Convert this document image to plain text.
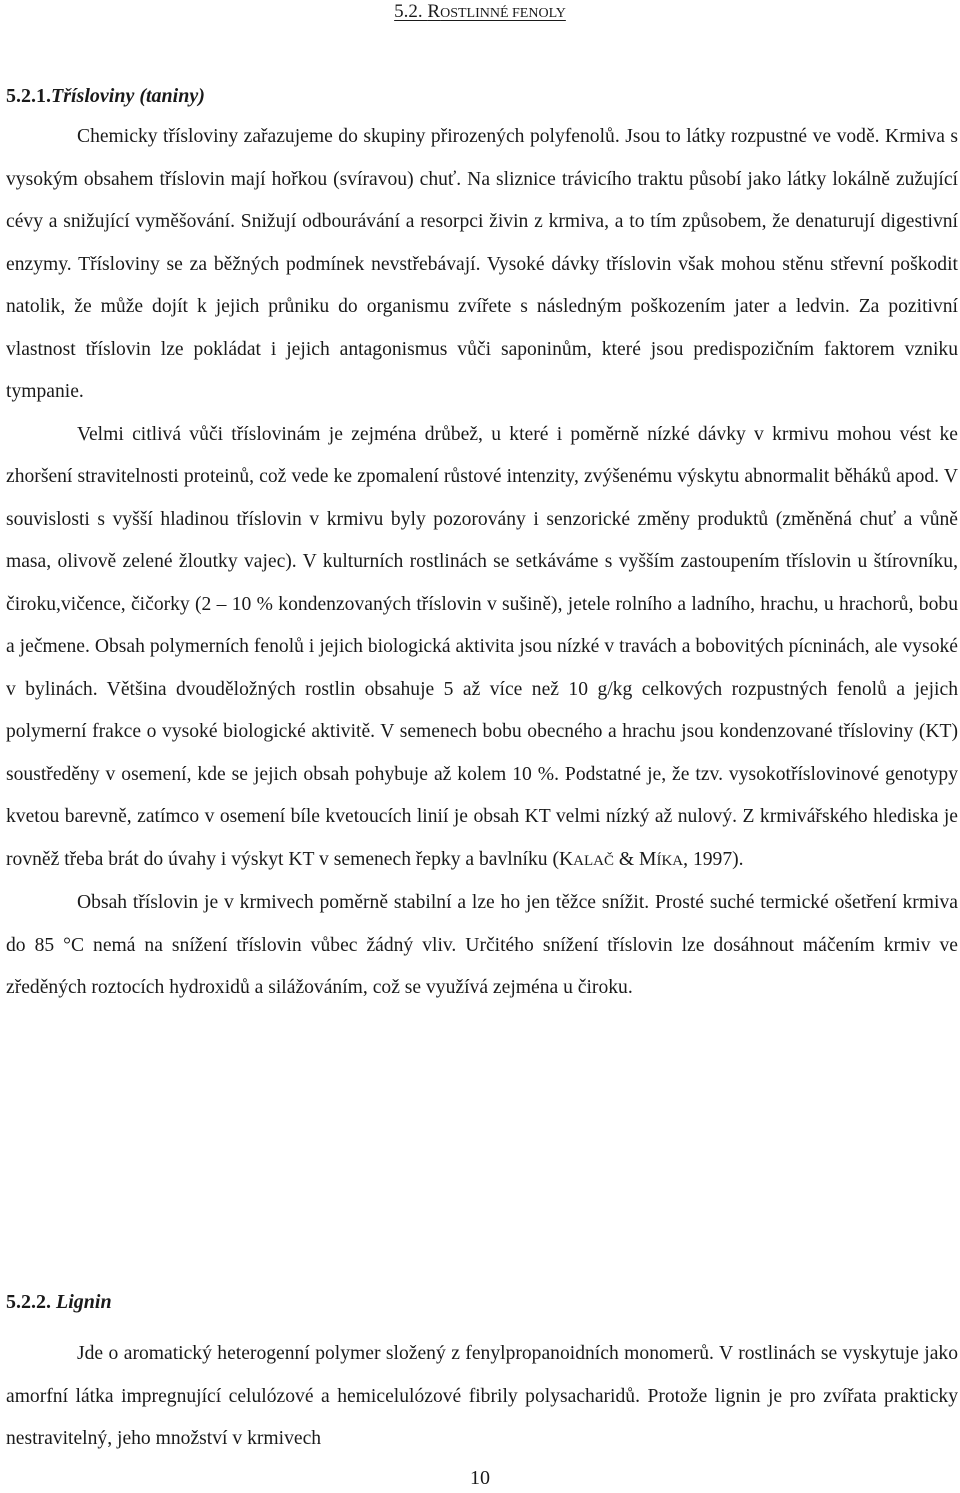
5.2. ROSTLINNÉ FENOLY
5.2.1.Třísloviny (taniny)

Chemicky třísloviny zařazujeme do skupiny přirozených polyfenolů. Jsou to látky rozpustné ve vodě. Krmiva s vysokým obsahem tříslovin mají hořkou (svíravou) chuť. Na sliznice trávicího traktu působí jako látky lokálně zužující cévy a snižující vyměšování. Snižují odbourávání a resorpci živin z krmiva, a to tím způsobem, že denaturují digestivní enzymy. Třísloviny se za běžných podmínek nevstřebávají. Vysoké dávky tříslovin však mohou stěnu střevní poškodit natolik, že může dojít k jejich průniku do organismu zvířete s následným poškozením jater a ledvin. Za pozitivní vlastnost tříslovin lze pokládat i jejich antagonismus vůči saponinům, které jsou predispozičním faktorem vzniku tympanie.

Velmi citlivá vůči tříslovinám je zejména drůbež, u které i poměrně nízké dávky v krmivu mohou vést ke zhoršení stravitelnosti proteinů, což vede ke zpomalení růstové intenzity, zvýšenému výskytu abnormalit běháků apod. V souvislosti s vyšší hladinou tříslovin v krmivu byly pozorovány i senzorické změny produktů (změněná chuť a vůně masa, olivově zelené žloutky vajec). V kulturních rostlinách se setkáváme s vyšším zastoupením tříslovin u štírovníku, čiroku,vičence, čičorky (2 – 10 % kondenzovaných tříslovin v sušině), jetele rolního a ladního, hrachu, u hrachorů, bobu a ječmene. Obsah polymerních fenolů i jejich biologická aktivita jsou nízké v travách a bobovitých pícninách, ale vysoké v bylinách. Většina dvouděložných rostlin obsahuje 5 až více než 10 g/kg celkových rozpustných fenolů a jejich polymerní frakce o vysoké biologické aktivitě. V semenech bobu obecného a hrachu jsou kondenzované třísloviny (KT) soustředěny v osemení, kde se jejich obsah pohybuje až kolem 10 %. Podstatné je, že tzv. vysokotříslovinové genotypy kvetou barevně, zatímco v osemení bíle kvetoucích linií je obsah KT velmi nízký až nulový. Z krmivářského hlediska je rovněž třeba brát do úvahy i výskyt KT v semenech řepky a bavlníku (KALAČ & MÍKA, 1997).

Obsah tříslovin je v krmivech poměrně stabilní a lze ho jen těžce snížit. Prosté suché termické ošetření krmiva do 85 °C nemá na snížení tříslovin vůbec žádný vliv. Určitého snížení tříslovin lze dosáhnout máčením krmiv ve zředěných roztocích hydroxidů a silážováním, což se využívá zejména u čiroku.

5.2.2. Lignin

Jde o aromatický heterogenní polymer složený z fenylpropanoidních monomerů. V rostlinách se vyskytuje jako amorfní látka impregnující celulózové a hemicelulózové fibrily polysacharidů. Protože lignin je pro zvířata prakticky nestravitelný, jeho množství v krmivech

10
